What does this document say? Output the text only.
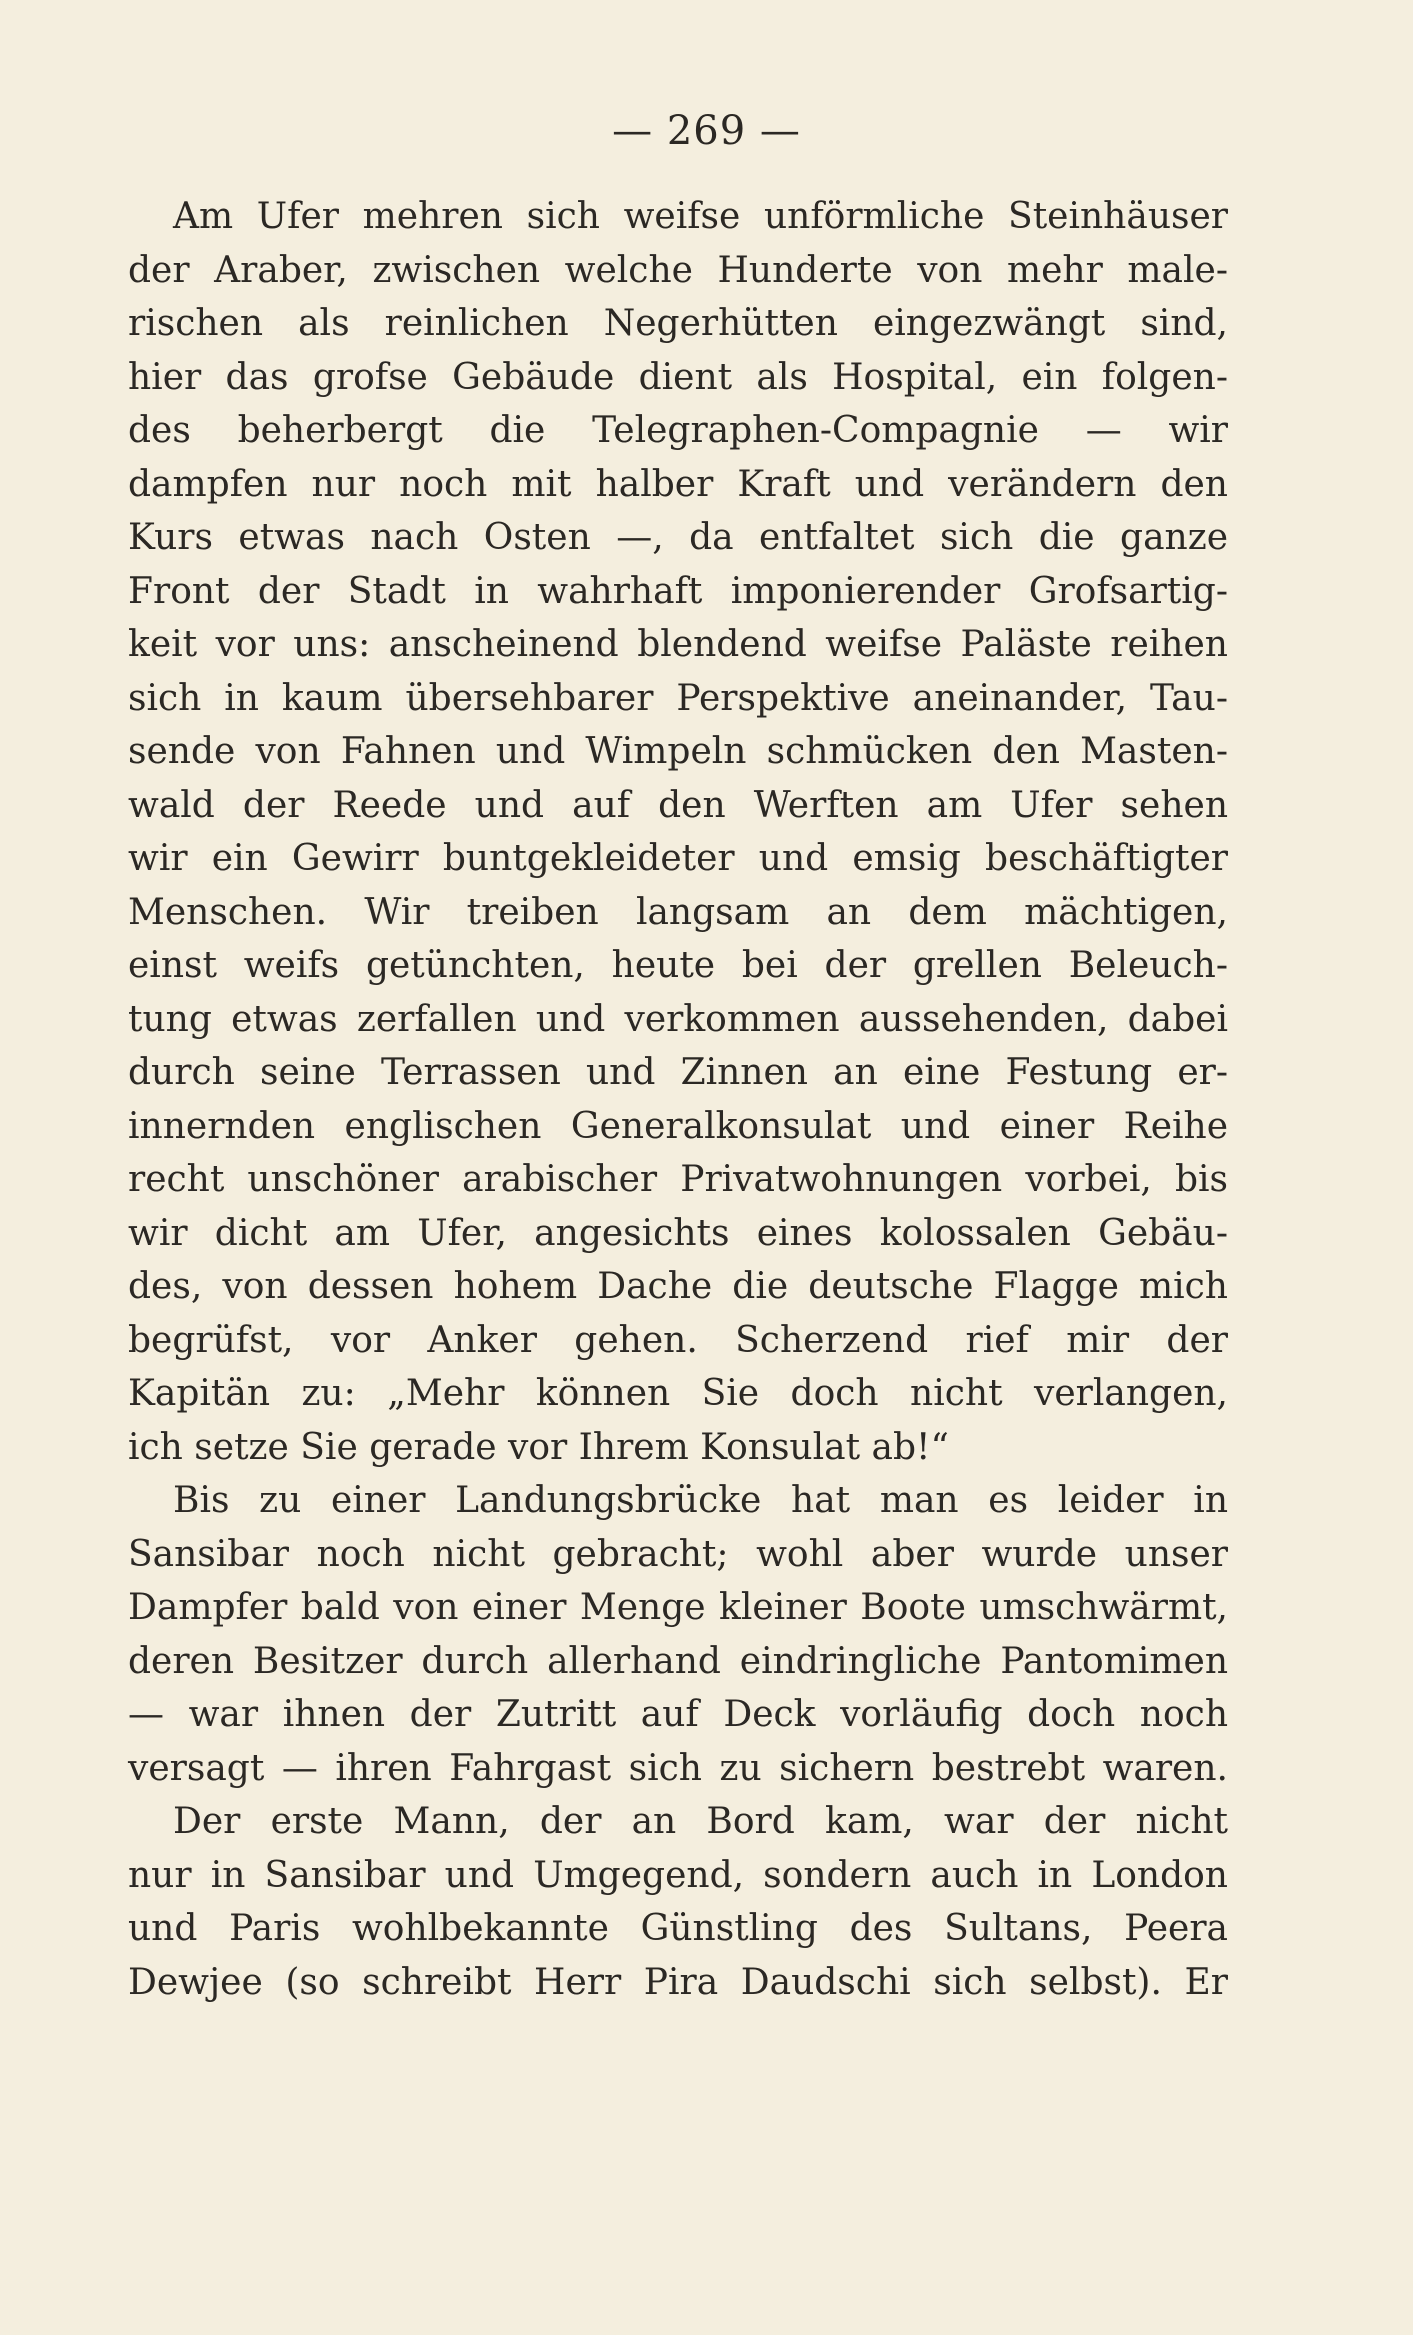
— 269 —
Am Ufer mehren sich weifse unförmliche Steinhäuser
der Araber, zwischen welche Hunderte von mehr male-
rischen als reinlichen Negerhütten eingezwängt sind,
hier das grofse Gebäude dient als Hospital, ein folgen-
des beherbergt die Telegraphen-Compagnie — wir
dampfen nur noch mit halber Kraft und verändern den
Kurs etwas nach Osten —, da entfaltet sich die ganze
Front der Stadt in wahrhaft imponierender Grofsartig-
keit vor uns: anscheinend blendend weifse Paläste reihen
sich in kaum übersehbarer Perspektive aneinander, Tau-
sende von Fahnen und Wimpeln schmücken den Masten-
wald der Reede und auf den Werften am Ufer sehen
wir ein Gewirr buntgekleideter und emsig beschäftigter
Menschen. Wir treiben langsam an dem mächtigen,
einst weifs getünchten, heute bei der grellen Beleuch-
tung etwas zerfallen und verkommen aussehenden, dabei
durch seine Terrassen und Zinnen an eine Festung er-
innernden englischen Generalkonsulat und einer Reihe
recht unschöner arabischer Privatwohnungen vorbei, bis
wir dicht am Ufer, angesichts eines kolossalen Gebäu-
des, von dessen hohem Dache die deutsche Flagge mich
begrüfst, vor Anker gehen. Scherzend rief mir der
Kapitän zu: „Mehr können Sie doch nicht verlangen,
ich setze Sie gerade vor Ihrem Konsulat ab!“
Bis zu einer Landungsbrücke hat man es leider in
Sansibar noch nicht gebracht; wohl aber wurde unser
Dampfer bald von einer Menge kleiner Boote umschwärmt,
deren Besitzer durch allerhand eindringliche Pantomimen
— war ihnen der Zutritt auf Deck vorläufig doch noch
versagt — ihren Fahrgast sich zu sichern bestrebt waren.
Der erste Mann, der an Bord kam, war der nicht
nur in Sansibar und Umgegend, sondern auch in London
und Paris wohlbekannte Günstling des Sultans, Peera
Dewjee (so schreibt Herr Pira Daudschi sich selbst). Er
